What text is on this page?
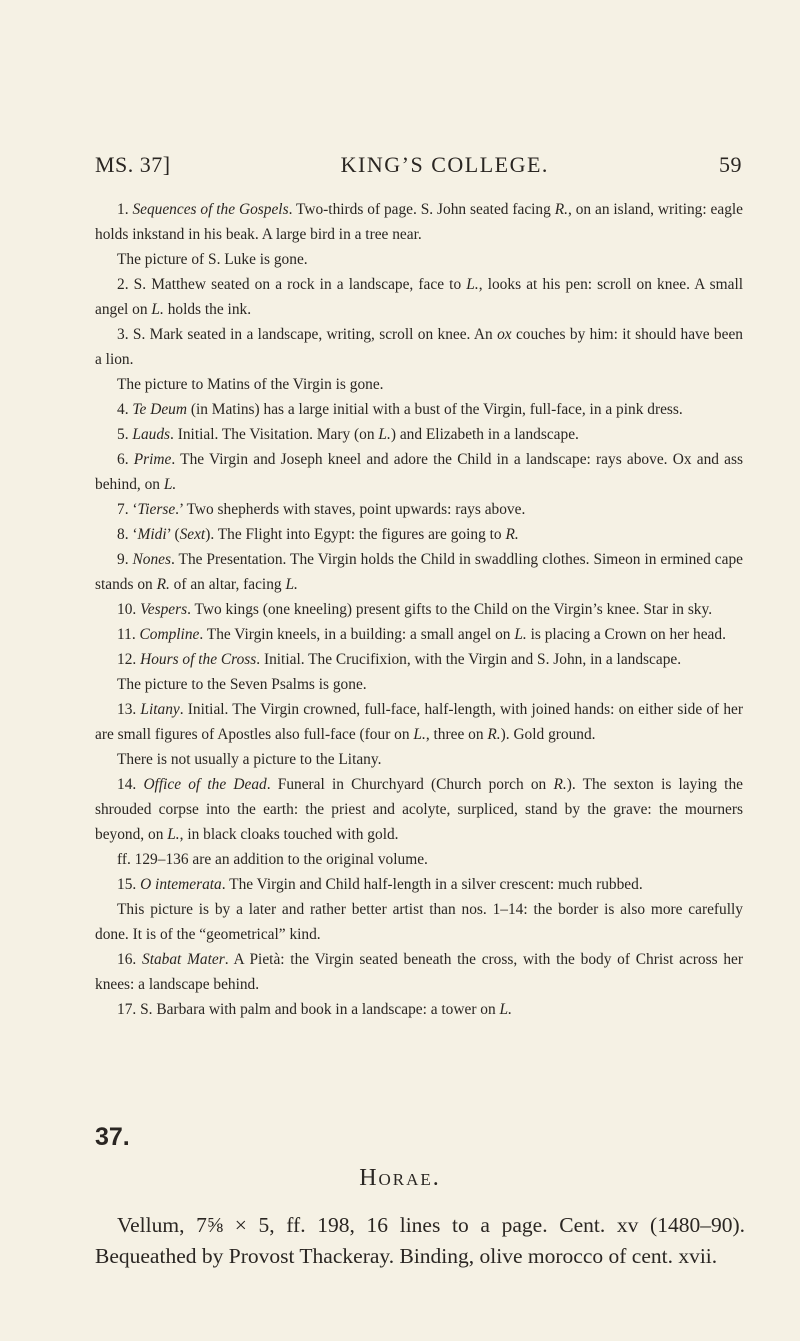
MS. 37]	KING’S COLLEGE.	59

1. Sequences of the Gospels. Two-thirds of page. S. John seated facing R., on an island, writing: eagle holds inkstand in his beak. A large bird in a tree near.

The picture of S. Luke is gone.

2. S. Matthew seated on a rock in a landscape, face to L., looks at his pen: scroll on knee. A small angel on L. holds the ink.

3. S. Mark seated in a landscape, writing, scroll on knee. An ox couches by him: it should have been a lion.

The picture to Matins of the Virgin is gone.

4. Te Deum (in Matins) has a large initial with a bust of the Virgin, full-face, in a pink dress.

5. Lauds. Initial. The Visitation. Mary (on L.) and Elizabeth in a landscape.

6. Prime. The Virgin and Joseph kneel and adore the Child in a landscape: rays above. Ox and ass behind, on L.

7. ‘Tierse.’ Two shepherds with staves, point upwards: rays above.

8. ‘Midi’ (Sext). The Flight into Egypt: the figures are going to R.

9. Nones. The Presentation. The Virgin holds the Child in swaddling clothes. Simeon in ermined cape stands on R. of an altar, facing L.

10. Vespers. Two kings (one kneeling) present gifts to the Child on the Virgin’s knee. Star in sky.

11. Compline. The Virgin kneels, in a building: a small angel on L. is placing a Crown on her head.

12. Hours of the Cross. Initial. The Crucifixion, with the Virgin and S. John, in a landscape.

The picture to the Seven Psalms is gone.

13. Litany. Initial. The Virgin crowned, full-face, half-length, with joined hands: on either side of her are small figures of Apostles also full-face (four on L., three on R.). Gold ground.

There is not usually a picture to the Litany.

14. Office of the Dead. Funeral in Churchyard (Church porch on R.). The sexton is laying the shrouded corpse into the earth: the priest and acolyte, surpliced, stand by the grave: the mourners beyond, on L., in black cloaks touched with gold.

ff. 129–136 are an addition to the original volume.

15. O intemerata. The Virgin and Child half-length in a silver crescent: much rubbed.

This picture is by a later and rather better artist than nos. 1–14: the border is also more carefully done. It is of the “geometrical” kind.

16. Stabat Mater. A Pietà: the Virgin seated beneath the cross, with the body of Christ across her knees: a landscape behind.

17. S. Barbara with palm and book in a landscape: a tower on L.

37.
Horae.

Vellum, 7⅝ × 5, ff. 198, 16 lines to a page. Cent. xv (1480–90). Bequeathed by Provost Thackeray. Binding, olive morocco of cent. xvii.
